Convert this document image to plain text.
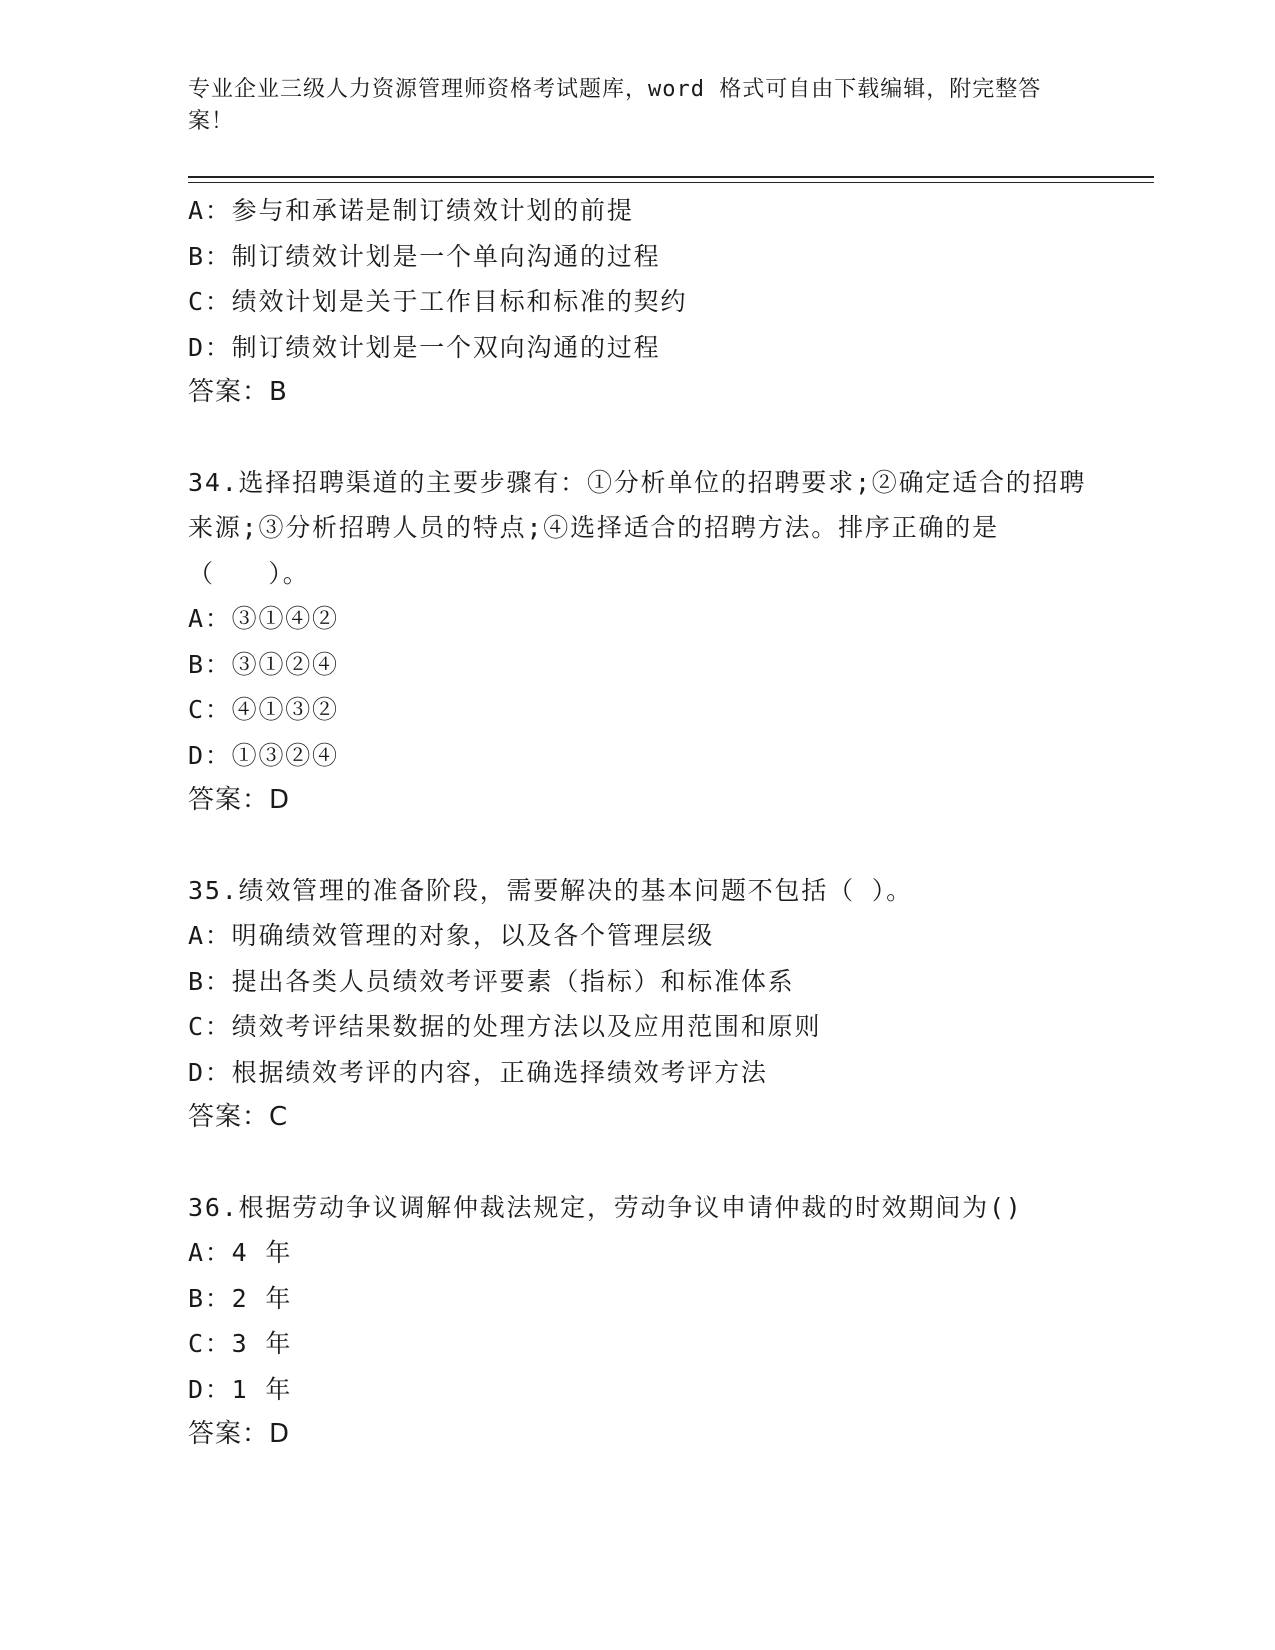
专业企业三级人力资源管理师资格考试题库，word 格式可自由下载编辑，附完整答案！
A：参与和承诺是制订绩效计划的前提
B：制订绩效计划是一个单向沟通的过程
C：绩效计划是关于工作目标和标准的契约
D：制订绩效计划是一个双向沟通的过程
答案：B
34.选择招聘渠道的主要步骤有：①分析单位的招聘要求;②确定适合的招聘来源;③分析招聘人员的特点;④选择适合的招聘方法。排序正确的是（　　）。
A：③①④②
B：③①②④
C：④①③②
D：①③②④
答案：D
35.绩效管理的准备阶段，需要解决的基本问题不包括（ ）。
A：明确绩效管理的对象，以及各个管理层级
B：提出各类人员绩效考评要素（指标）和标准体系
C：绩效考评结果数据的处理方法以及应用范围和原则
D：根据绩效考评的内容，正确选择绩效考评方法
答案：C
36.根据劳动争议调解仲裁法规定，劳动争议申请仲裁的时效期间为()
A：4 年
B：2 年
C：3 年
D：1 年
答案：D
